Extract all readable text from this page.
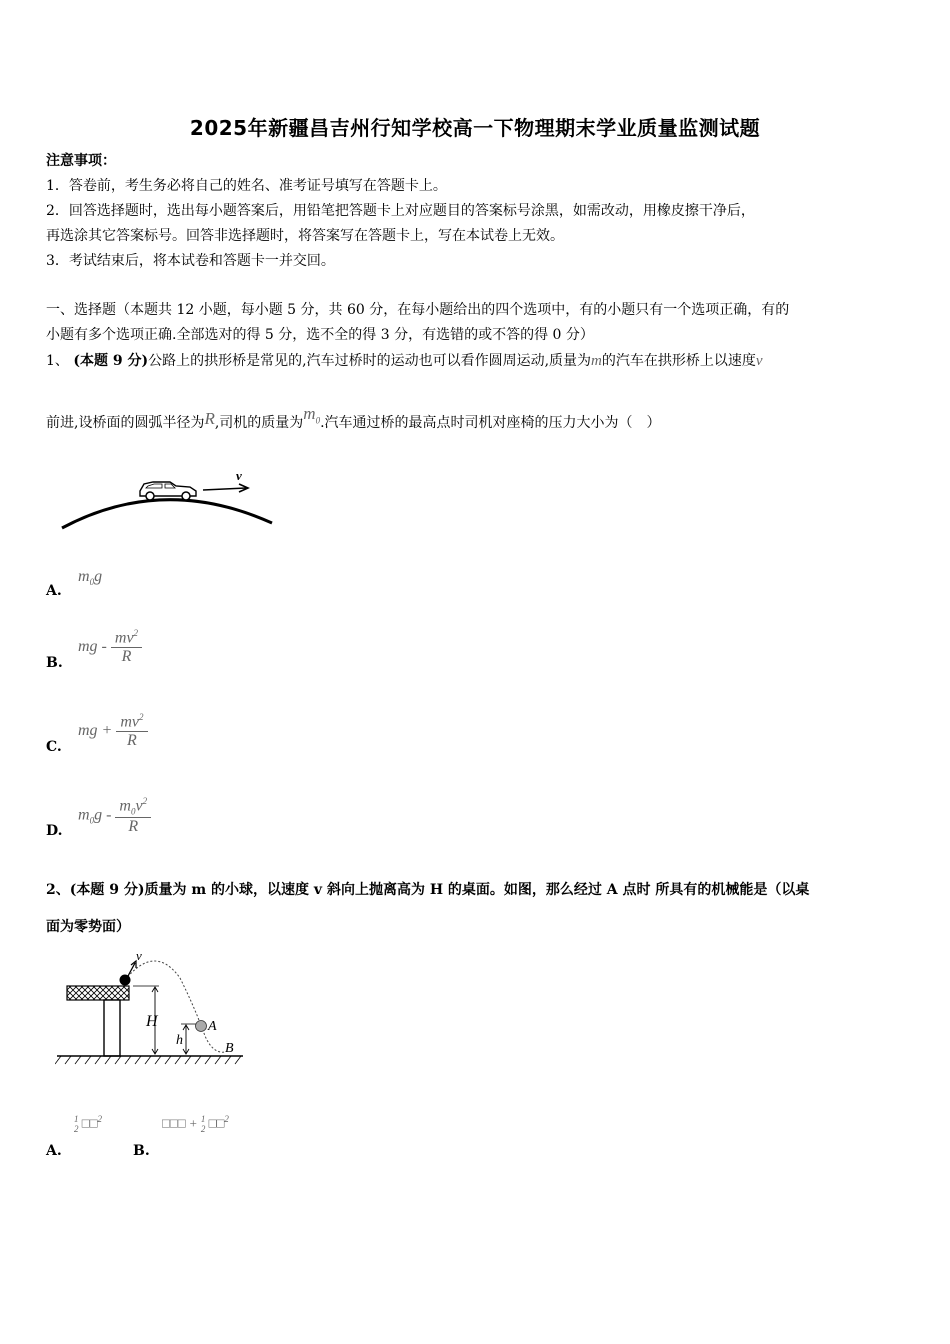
2025年新疆昌吉州行知学校高一下物理期末学业质量监测试题
注意事项：
1．答卷前，考生务必将自己的姓名、准考证号填写在答题卡上。
2．回答选择题时，选出每小题答案后，用铅笔把答题卡上对应题目的答案标号涂黑，如需改动，用橡皮擦干净后，
再选涂其它答案标号。回答非选择题时，将答案写在答题卡上，写在本试卷上无效。
3．考试结束后，将本试卷和答题卡一并交回。
一、选择题（本题共 12 小题，每小题 5 分，共 60 分，在每小题给出的四个选项中，有的小题只有一个选项正确，有的
小题有多个选项正确.全部选对的得 5 分，选不全的得 3 分，有选错的或不答的得 0 分）
1、 (本题 9 分)公路上的拱形桥是常见的,汽车过桥时的运动也可以看作圆周运动,质量为m的汽车在拱形桥上以速度v
前进,设桥面的圆弧半径为R,司机的质量为$m_0$.汽车通过桥的最高点时司机对座椅的压力大小为（　）
v
A.
$m_0g$
B.
mg - $\frac{mv^2}{R}$
C.
mg + $\frac{mv^2}{R}$
D.
$m_0g - \frac{m_0v^2}{R}$
2、(本题 9 分)质量为 m 的小球，以速度 v 斜向上抛离高为 H 的桌面。如图，那么经过 A 点时 所具有的机械能是（以桌
面为零势面）
v
H
h
A
B
A.
1
2 □□$^2$
B.
□□□ + 1
2 □□$^2$
